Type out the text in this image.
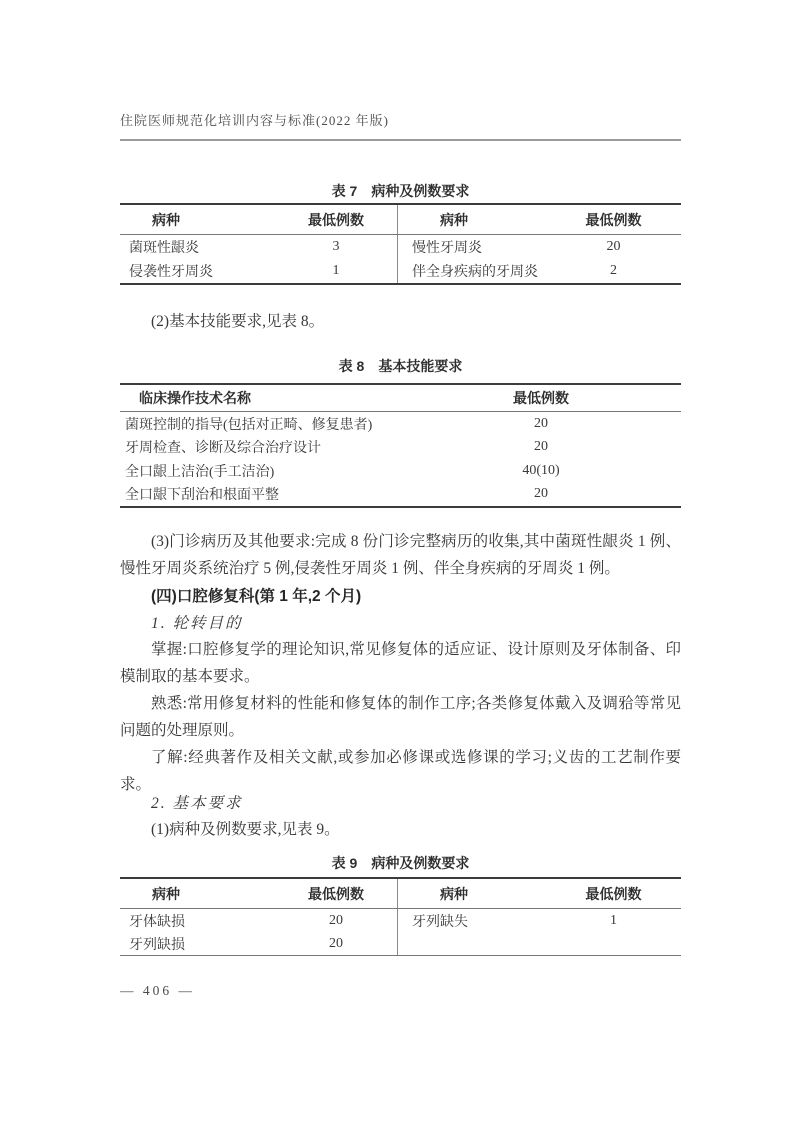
住院医师规范化培训内容与标准(2022 年版)
表 7 病种及例数要求
病种	最低例数	病种	最低例数
菌斑性龈炎	3	慢性牙周炎	20
侵袭性牙周炎	1	伴全身疾病的牙周炎	2
(2)基本技能要求,见表 8。
表 8 基本技能要求
临床操作技术名称	最低例数
菌斑控制的指导(包括对正畸、修复患者)	20
牙周检查、诊断及综合治疗设计	20
全口龈上洁治(手工洁治)	40(10)
全口龈下刮治和根面平整	20
(3)门诊病历及其他要求:完成 8 份门诊完整病历的收集,其中菌斑性龈炎 1 例、慢性牙周炎系统治疗 5 例,侵袭性牙周炎 1 例、伴全身疾病的牙周炎 1 例。
(四)口腔修复科(第 1 年,2 个月)
1. 轮转目的
掌握:口腔修复学的理论知识,常见修复体的适应证、设计原则及牙体制备、印模制取的基本要求。
熟悉:常用修复材料的性能和修复体的制作工序;各类修复体戴入及调𬌗等常见问题的处理原则。
了解:经典著作及相关文献,或参加必修课或选修课的学习;义齿的工艺制作要求。
2. 基本要求
(1)病种及例数要求,见表 9。
表 9 病种及例数要求
病种	最低例数	病种	最低例数
牙体缺损	20	牙列缺失	1
牙列缺损	20
— 406 —
